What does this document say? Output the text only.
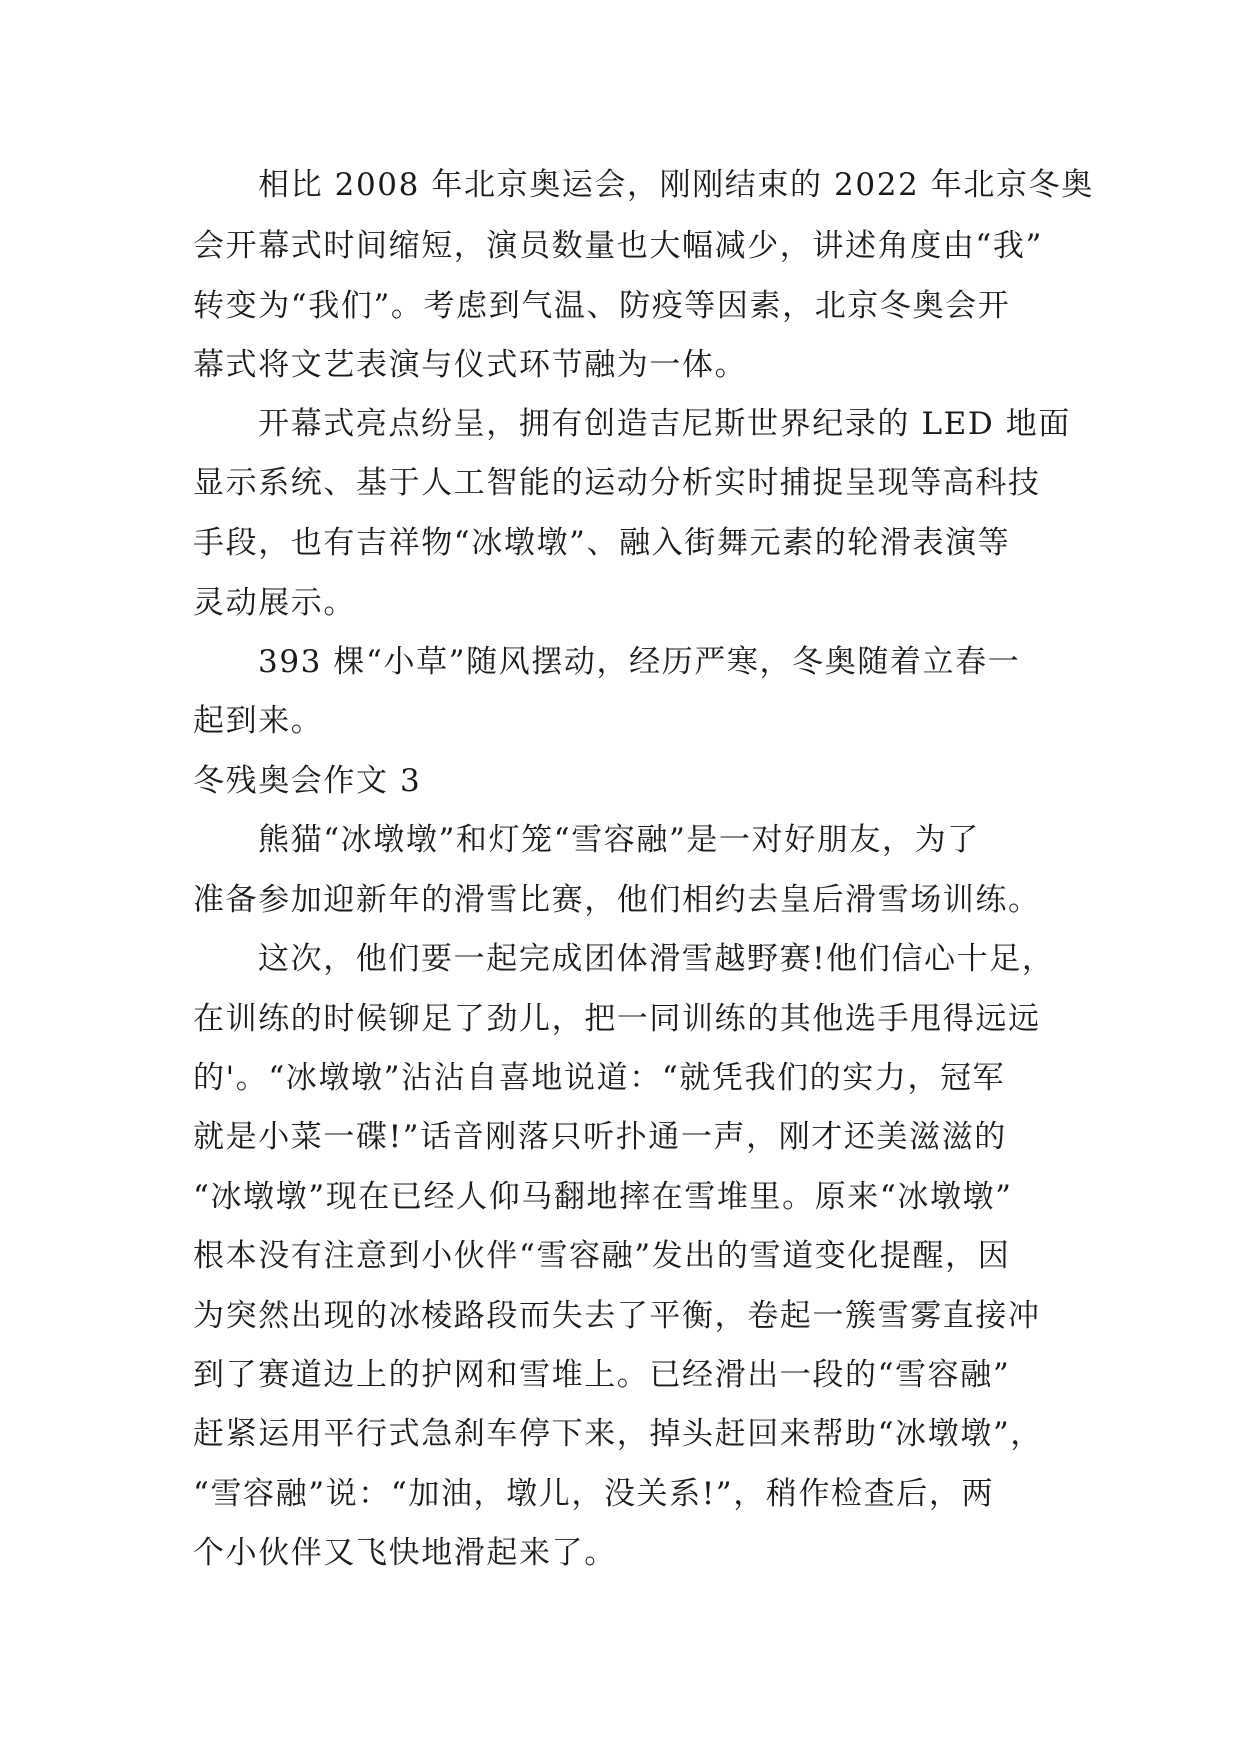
相比 2008 年北京奥运会，刚刚结束的 2022 年北京冬奥
会开幕式时间缩短，演员数量也大幅减少，讲述角度由“我”
转变为“我们”。考虑到气温、防疫等因素，北京冬奥会开
幕式将文艺表演与仪式环节融为一体。
开幕式亮点纷呈，拥有创造吉尼斯世界纪录的 LED 地面
显示系统、基于人工智能的运动分析实时捕捉呈现等高科技
手段，也有吉祥物“冰墩墩”、融入街舞元素的轮滑表演等
灵动展示。
393 棵“小草”随风摆动，经历严寒，冬奥随着立春一
起到来。
冬残奥会作文 3
熊猫“冰墩墩”和灯笼“雪容融”是一对好朋友，为了
准备参加迎新年的滑雪比赛，他们相约去皇后滑雪场训练。
这次，他们要一起完成团体滑雪越野赛!他们信心十足，
在训练的时候铆足了劲儿，把一同训练的其他选手甩得远远
的'。“冰墩墩”沾沾自喜地说道：“就凭我们的实力，冠军
就是小菜一碟!”话音刚落只听扑通一声，刚才还美滋滋的
“冰墩墩”现在已经人仰马翻地摔在雪堆里。原来“冰墩墩”
根本没有注意到小伙伴“雪容融”发出的雪道变化提醒，因
为突然出现的冰棱路段而失去了平衡，卷起一簇雪雾直接冲
到了赛道边上的护网和雪堆上。已经滑出一段的“雪容融”
赶紧运用平行式急刹车停下来，掉头赶回来帮助“冰墩墩”，
“雪容融”说：“加油，墩儿，没关系!”，稍作检查后，两
个小伙伴又飞快地滑起来了。
